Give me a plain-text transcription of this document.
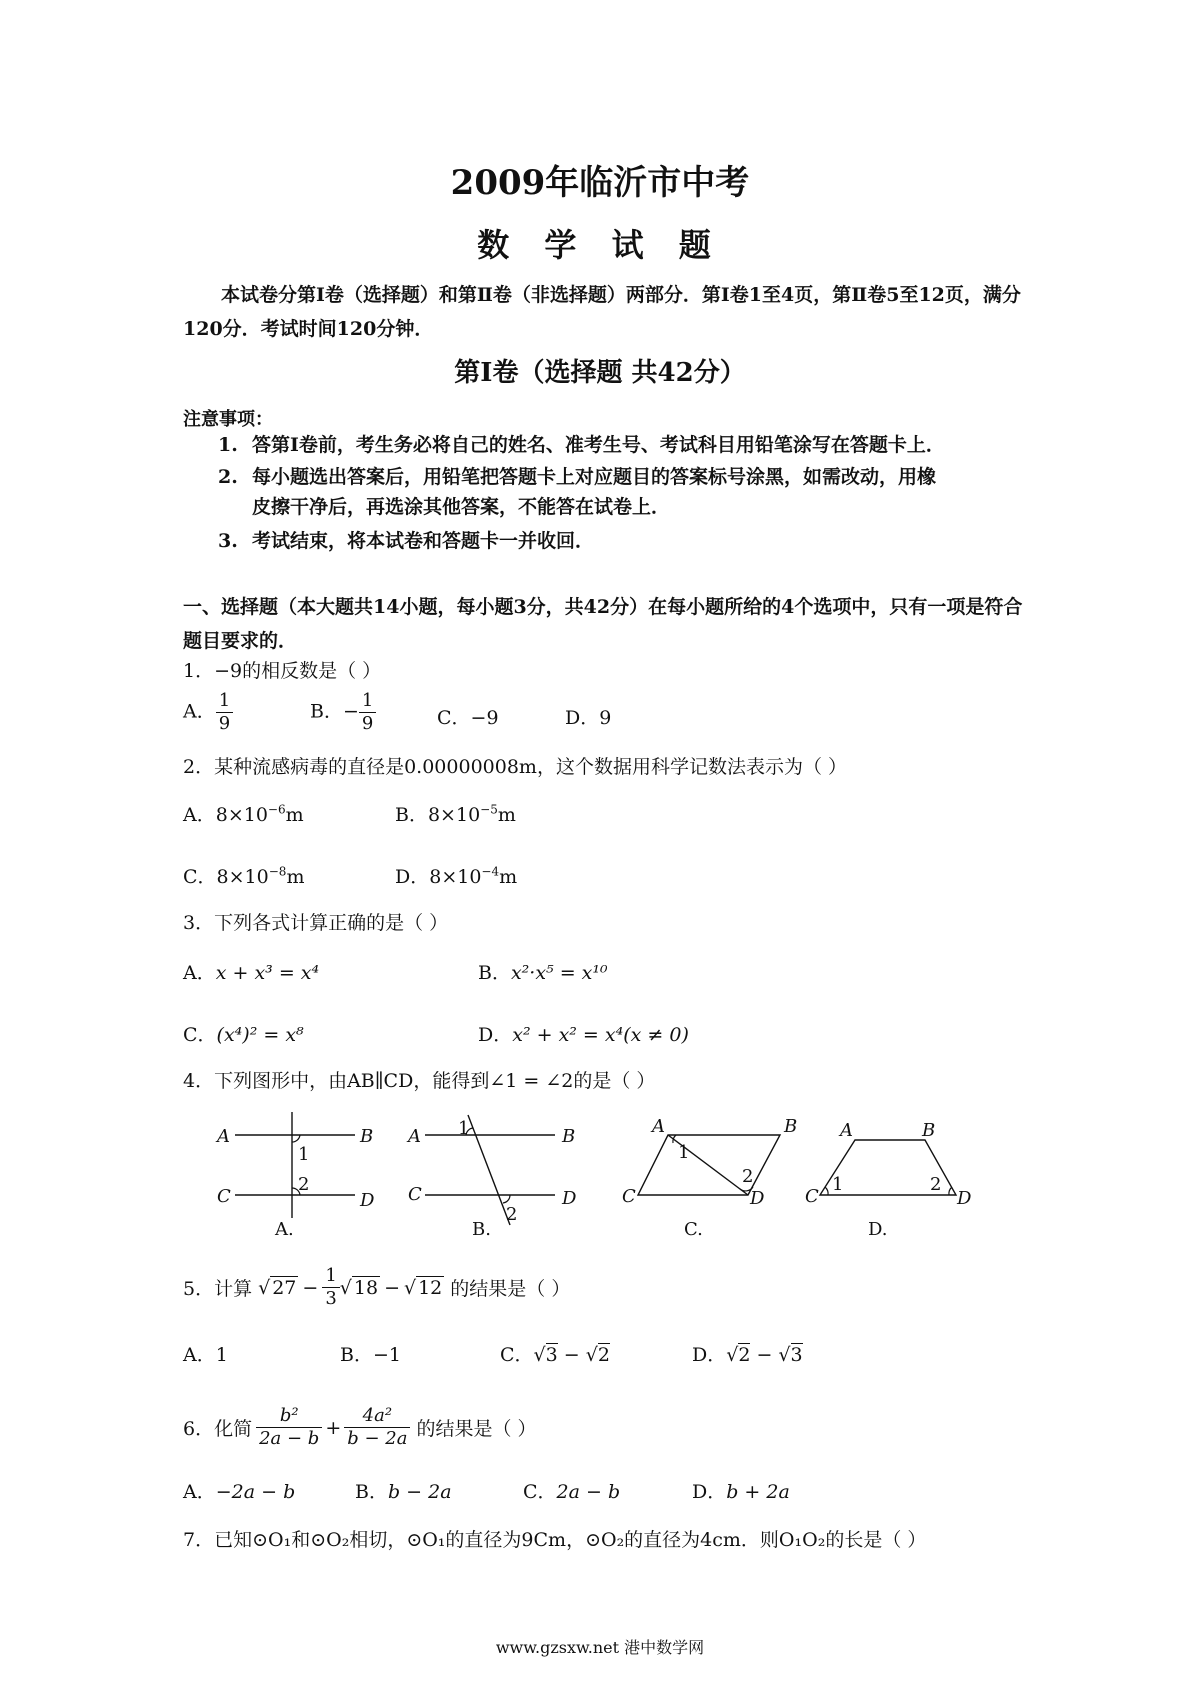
2009年临沂市中考
数 学 试 题
本试卷分第Ⅰ卷（选择题）和第Ⅱ卷（非选择题）两部分．第Ⅰ卷1至4页，第Ⅱ卷5至12页，满分120分．考试时间120分钟．
第Ⅰ卷（选择题 共42分）
注意事项：
1. 答第Ⅰ卷前，考生务必将自己的姓名、准考生号、考试科目用铅笔涂写在答题卡上．
2. 每小题选出答案后，用铅笔把答题卡上对应题目的答案标号涂黑，如需改动，用橡
皮擦干净后，再选涂其他答案，不能答在试卷上．
3. 考试结束，将本试卷和答题卡一并收回．
一、选择题（本大题共14小题，每小题3分，共42分）在每小题所给的4个选项中，只有一项是符合题目要求的．
1．−9的相反数是（ ）
A． $\frac{1}{9}$	B．− $\frac{1}{9}$	C．−9	D．9
2．某种流感病毒的直径是0.00000008m，这个数据用科学记数法表示为（ ）
A．$8\times 10^{-6}m$	B．$8\times 10^{-5}m$
C．$8\times 10^{-8}m$	D．$8\times 10^{-4}m$
3．下列各式计算正确的是（ ）
A．x + x³ = x⁴	B．x²·x⁵ = x¹⁰
C．(x⁴)² = x⁸	D．x² + x² = x⁴(x ≠ 0)
4．下列图形中，由AB∥CD，能得到∠1 = ∠2的是（ ）
A	B
C	D
1
2
A.
A	B
C	D
1
2
B.
A	B
C	D
1
2
C.
A	B
C	D
1	2
D.
5．计算 √ $27 - \frac{1}{3}$ √ 18 − √ 12 的结果是（ ）
A．1	B．−1	C．√3 − √2	D．√2 − √3
6．化简 $\frac{\text{b²}}{2a - b} + \frac{\text{4a²}}{b - 2a}$ 的结果是（ ）
A．−2a − b	B．b − 2a	C．2a − b	D．b + 2a
7．已知⊙O₁和⊙O₂相切，⊙O₁的直径为9Cm，⊙O₂的直径为4cm．则O₁O₂的长是（ ）
www.gzsxw.net 港中数学网
